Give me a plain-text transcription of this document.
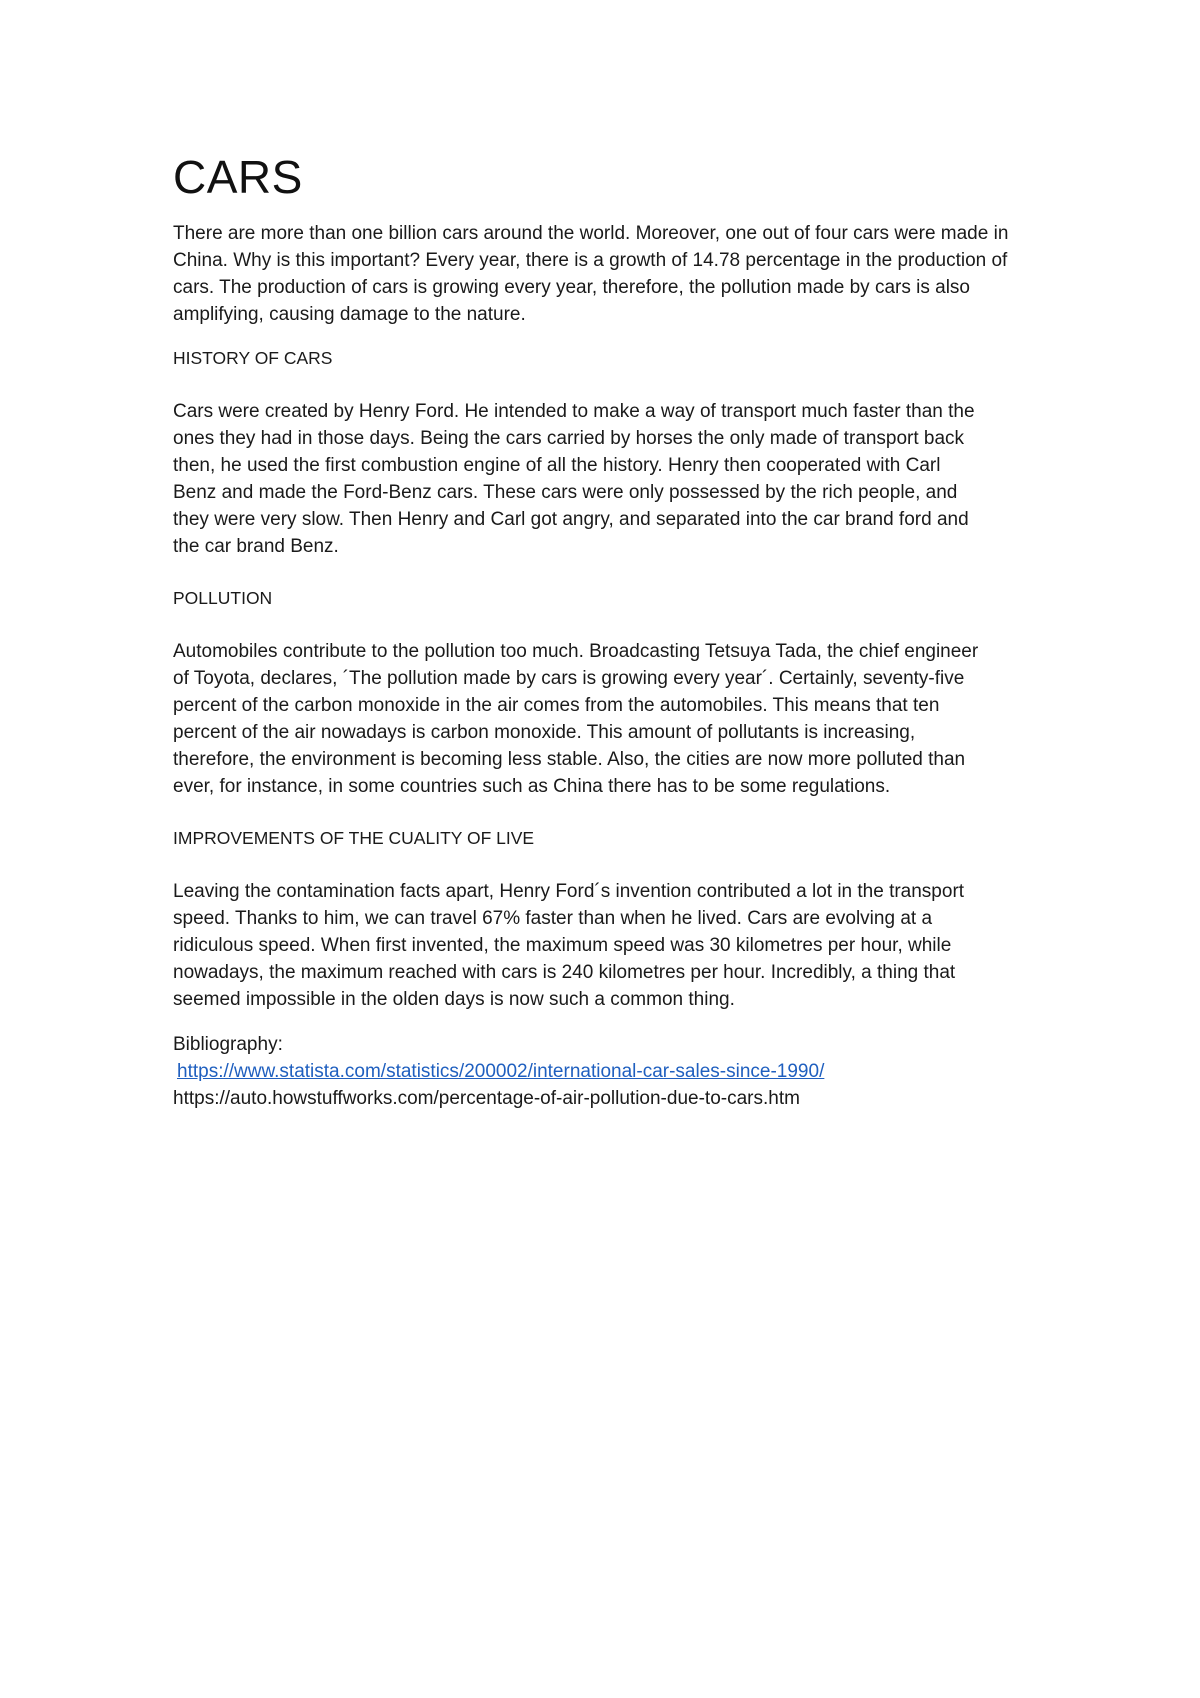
CARS

There are more than one billion cars around the world. Moreover, one out of four cars were made in China. Why is this important? Every year, there is a growth of 14.78 percentage in the production of cars. The production of cars is growing every year, therefore, the pollution made by cars is also amplifying, causing damage to the nature.

HISTORY OF CARS

Cars were created by Henry Ford. He intended to make a way of transport much faster than the ones they had in those days. Being the cars carried by horses the only made of transport back then, he used the first combustion engine of all the history. Henry then cooperated with Carl Benz and made the Ford-Benz cars. These cars were only possessed by the rich people, and they were very slow. Then Henry and Carl got angry, and separated into the car brand ford and the car brand Benz.

POLLUTION

Automobiles contribute to the pollution too much. Broadcasting Tetsuya Tada, the chief engineer of Toyota, declares, ´The pollution made by cars is growing every year´. Certainly, seventy-five percent of the carbon monoxide in the air comes from the automobiles. This means that ten percent of the air nowadays is carbon monoxide. This amount of pollutants is increasing, therefore, the environment is becoming less stable. Also, the cities are now more polluted than ever, for instance, in some countries such as China there has to be some regulations.

IMPROVEMENTS OF THE CUALITY OF LIVE

Leaving the contamination facts apart, Henry Ford´s invention contributed a lot in the transport speed. Thanks to him, we can travel 67% faster than when he lived. Cars are evolving at a ridiculous speed. When first invented, the maximum speed was 30 kilometres per hour, while nowadays, the maximum reached with cars is 240 kilometres per hour. Incredibly, a thing that seemed impossible in the olden days is now such a common thing.

Bibliography:

https://www.statista.com/statistics/200002/international-car-sales-since-1990/
https://auto.howstuffworks.com/percentage-of-air-pollution-due-to-cars.htm
